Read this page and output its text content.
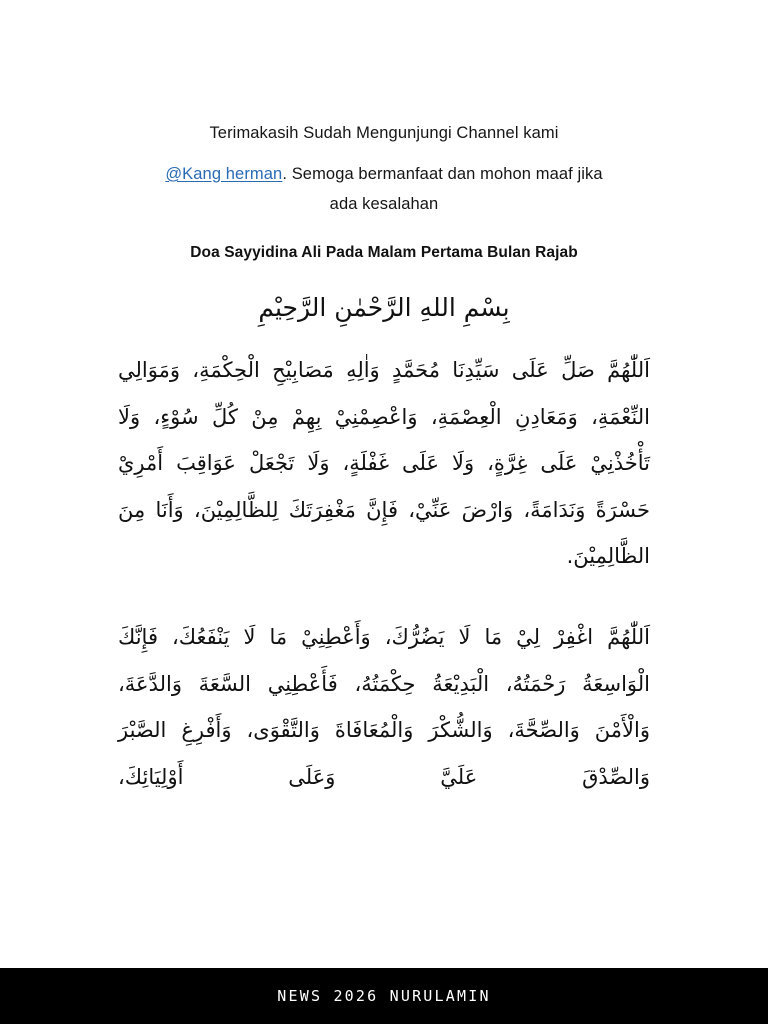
Terimakasih Sudah Mengunjungi Channel kami
@Kang herman. Semoga bermanfaat dan mohon maaf jika
ada kesalahan

Doa Sayyidina Ali Pada Malam Pertama Bulan Rajab

بِسْمِ اللهِ الرَّحْمٰنِ الرَّحِيْمِ

اَللّٰهُمَّ صَلِّ عَلَى سَيِّدِنَا مُحَمَّدٍ وَاٰلِهِ مَصَابِيْحِ الْحِكْمَةِ، وَمَوَالِي النِّعْمَةِ، وَمَعَادِنِ الْعِصْمَةِ، وَاعْصِمْنِيْ بِهِمْ مِنْ كُلِّ سُوْءٍ، وَلَا تَأْخُذْنِيْ عَلَى غِرَّةٍ، وَلَا عَلَى غَفْلَةٍ، وَلَا تَجْعَلْ عَوَاقِبَ أَمْرِيْ حَسْرَةً وَنَدَامَةً، وَارْضَ عَنِّيْ، فَإِنَّ مَغْفِرَتَكَ لِلظَّالِمِيْنَ، وَأَنَا مِنَ الظَّالِمِيْنَ.

اَللّٰهُمَّ اغْفِرْ لِيْ مَا لَا يَضُرُّكَ، وَأَعْطِنِيْ مَا لَا يَنْفَعُكَ، فَإِنَّكَ الْوَاسِعَةُ رَحْمَتُهُ، الْبَدِيْعَةُ حِكْمَتُهُ، فَأَعْطِنِي السَّعَةَ وَالدَّعَةَ، وَالْأَمْنَ وَالصِّحَّةَ، وَالشُّكْرَ وَالْمُعَافَاةَ وَالتَّقْوَى، وَأَفْرِغِ الصَّبْرَ وَالصِّدْقَ عَلَيَّ وَعَلَى أَوْلِيَائِكَ،

NEWS 2026 NURULAMIN
